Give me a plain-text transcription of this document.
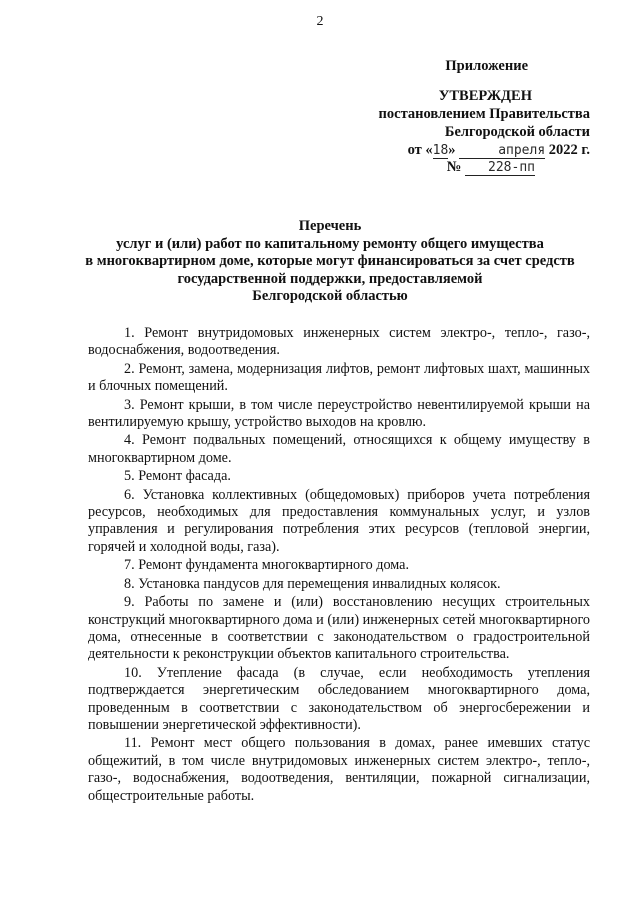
2
Приложение
УТВЕРЖДЕН
постановлением Правительства
Белгородской области
от «18»	апреля 2022 г.
№ 228-пп
Перечень
услуг и (или) работ по капитальному ремонту общего имущества
в многоквартирном доме, которые могут финансироваться за счет средств
государственной поддержки, предоставляемой
Белгородской областью

1. Ремонт внутридомовых инженерных систем электро-, тепло-, газо-, водоснабжения, водоотведения.

2. Ремонт, замена, модернизация лифтов, ремонт лифтовых шахт, машинных и блочных помещений.

3. Ремонт крыши, в том числе переустройство невентилируемой крыши на вентилируемую крышу, устройство выходов на кровлю.

4. Ремонт подвальных помещений, относящихся к общему имуществу в многоквартирном доме.

5. Ремонт фасада.

6. Установка коллективных (общедомовых) приборов учета потребления ресурсов, необходимых для предоставления коммунальных услуг, и узлов управления и регулирования потребления этих ресурсов (тепловой энергии, горячей и холодной воды, газа).

7. Ремонт фундамента многоквартирного дома.

8. Установка пандусов для перемещения инвалидных колясок.

9. Работы по замене и (или) восстановлению несущих строительных конструкций многоквартирного дома и (или) инженерных сетей многоквартирного дома, отнесенные в соответствии с законодательством о градостроительной деятельности к реконструкции объектов капитального строительства.

10. Утепление фасада (в случае, если необходимость утепления подтверждается энергетическим обследованием многоквартирного дома, проведенным в соответствии с законодательством об энергосбережении и повышении энергетической эффективности).

11. Ремонт мест общего пользования в домах, ранее имевших статус общежитий, в том числе внутридомовых инженерных систем электро-, тепло-, газо-, водоснабжения, водоотведения, вентиляции, пожарной сигнализации, общестроительные работы.
